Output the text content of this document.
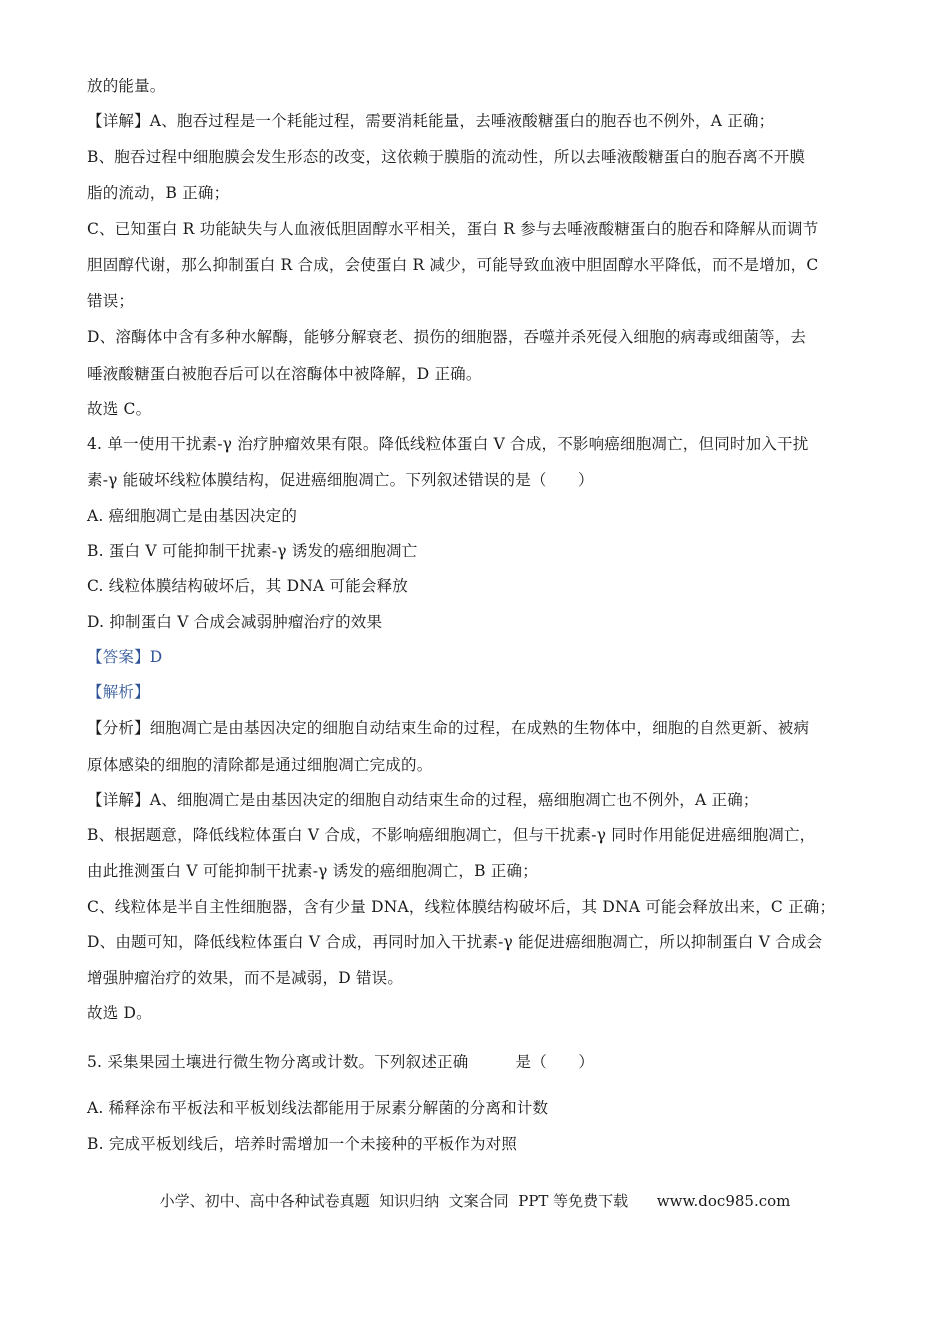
放的能量。
【详解】A、胞吞过程是一个耗能过程，需要消耗能量，去唾液酸糖蛋白的胞吞也不例外，A 正确；
B、胞吞过程中细胞膜会发生形态的改变，这依赖于膜脂的流动性，所以去唾液酸糖蛋白的胞吞离不开膜
脂的流动，B 正确；
C、已知蛋白 R 功能缺失与人血液低胆固醇水平相关，蛋白 R 参与去唾液酸糖蛋白的胞吞和降解从而调节
胆固醇代谢，那么抑制蛋白 R 合成，会使蛋白 R 减少，可能导致血液中胆固醇水平降低，而不是增加，C
错误；
D、溶酶体中含有多种水解酶，能够分解衰老、损伤的细胞器，吞噬并杀死侵入细胞的病毒或细菌等，去
唾液酸糖蛋白被胞吞后可以在溶酶体中被降解，D 正确。
故选 C。
4. 单一使用干扰素-γ 治疗肿瘤效果有限。降低线粒体蛋白 V 合成，不影响癌细胞凋亡，但同时加入干扰
素-γ 能破坏线粒体膜结构，促进癌细胞凋亡。下列叙述错误的是（　　）
A. 癌细胞凋亡是由基因决定的
B. 蛋白 V 可能抑制干扰素-γ 诱发的癌细胞凋亡
C. 线粒体膜结构破坏后，其 DNA 可能会释放
D. 抑制蛋白 V 合成会减弱肿瘤治疗的效果
【答案】D
【解析】
【分析】细胞凋亡是由基因决定的细胞自动结束生命的过程，在成熟的生物体中，细胞的自然更新、被病
原体感染的细胞的清除都是通过细胞凋亡完成的。
【详解】A、细胞凋亡是由基因决定的细胞自动结束生命的过程，癌细胞凋亡也不例外，A 正确；
B、根据题意，降低线粒体蛋白 V 合成，不影响癌细胞凋亡，但与干扰素-γ 同时作用能促进癌细胞凋亡，
由此推测蛋白 V 可能抑制干扰素-γ 诱发的癌细胞凋亡，B 正确；
C、线粒体是半自主性细胞器，含有少量 DNA，线粒体膜结构破坏后，其 DNA 可能会释放出来，C 正确；
D、由题可知，降低线粒体蛋白 V 合成，再同时加入干扰素-γ 能促进癌细胞凋亡，所以抑制蛋白 V 合成会
增强肿瘤治疗的效果，而不是减弱，D 错误。
故选 D。
5. 采集果园土壤进行微生物分离或计数。下列叙述正确　　　是（　　）
A. 稀释涂布平板法和平板划线法都能用于尿素分解菌的分离和计数
B. 完成平板划线后，培养时需增加一个未接种的平板作为对照
小学、初中、高中各种试卷真题  知识归纳  文案合同  PPT 等免费下载      www.doc985.com
